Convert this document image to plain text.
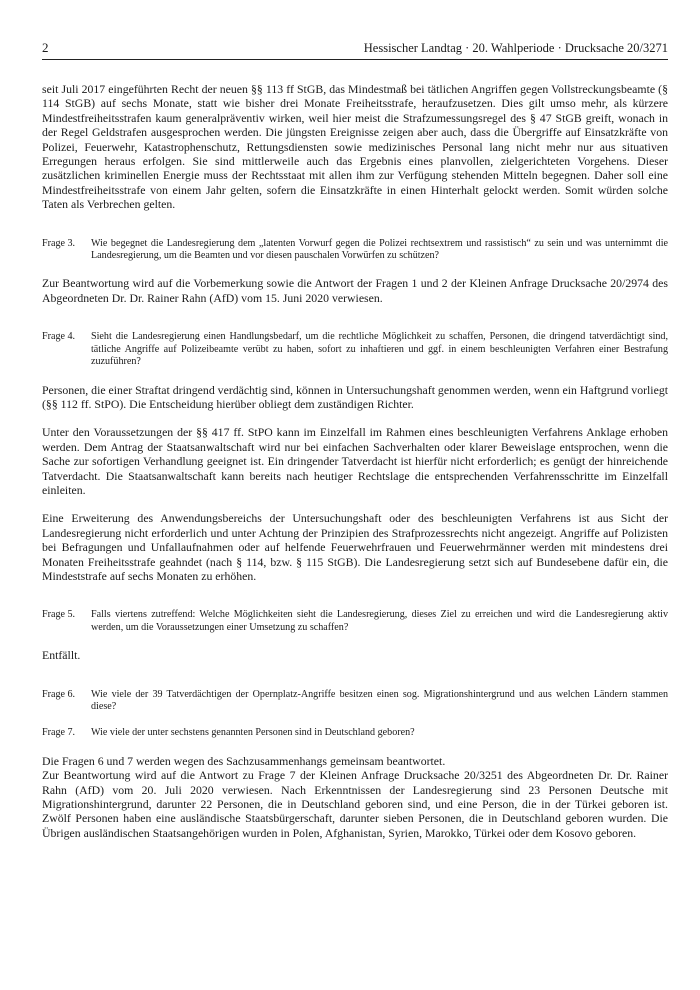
2	Hessischer Landtag · 20. Wahlperiode · Drucksache 20/3271

seit Juli 2017 eingeführten Recht der neuen §§ 113 ff StGB, das Mindestmaß bei tätlichen Angriffen gegen Vollstreckungsbeamte (§ 114 StGB) auf sechs Monate, statt wie bisher drei Monate Freiheitsstrafe, heraufzusetzen. Dies gilt umso mehr, als kürzere Mindestfreiheitsstrafen kaum generalpräventiv wirken, weil hier meist die Strafzumessungsregel des § 47 StGB greift, wonach in der Regel Geldstrafen ausgesprochen werden. Die jüngsten Ereignisse zeigen aber auch, dass die Übergriffe auf Einsatzkräfte von Polizei, Feuerwehr, Katastrophenschutz, Rettungsdiensten sowie medizinisches Personal lang nicht mehr nur aus situativen Erregungen heraus erfolgen. Sie sind mittlerweile auch das Ergebnis eines planvollen, zielgerichteten Vorgehens. Dieser zusätzlichen kriminellen Energie muss der Rechtsstaat mit allen ihm zur Verfügung stehenden Mitteln begegnen. Daher soll eine Mindestfreiheitsstrafe von einem Jahr gelten, sofern die Einsatzkräfte in einen Hinterhalt gelockt werden. Somit würden solche Taten als Verbrechen gelten.

Frage 3.	Wie begegnet die Landesregierung dem „latenten Vorwurf gegen die Polizei rechtsextrem und rassistisch“ zu sein und was unternimmt die Landesregierung, um die Beamten und vor diesen pauschalen Vorwürfen zu schützen?

Zur Beantwortung wird auf die Vorbemerkung sowie die Antwort der Fragen 1 und 2 der Kleinen Anfrage Drucksache 20/2974 des Abgeordneten Dr. Dr. Rainer Rahn (AfD) vom 15. Juni 2020 verwiesen.

Frage 4.	Sieht die Landesregierung einen Handlungsbedarf, um die rechtliche Möglichkeit zu schaffen, Personen, die dringend tatverdächtigt sind, tätliche Angriffe auf Polizeibeamte verübt zu haben, sofort zu inhaftieren und ggf. in einem beschleunigten Verfahren einer Bestrafung zuzuführen?

Personen, die einer Straftat dringend verdächtig sind, können in Untersuchungshaft genommen werden, wenn ein Haftgrund vorliegt (§§ 112 ff. StPO). Die Entscheidung hierüber obliegt dem zuständigen Richter.

Unter den Voraussetzungen der §§ 417 ff. StPO kann im Einzelfall im Rahmen eines beschleunigten Verfahrens Anklage erhoben werden. Dem Antrag der Staatsanwaltschaft wird nur bei einfachen Sachverhalten oder klarer Beweislage entsprochen, wenn die Sache zur sofortigen Verhandlung geeignet ist. Ein dringender Tatverdacht ist hierfür nicht erforderlich; es genügt der hinreichende Tatverdacht. Die Staatsanwaltschaft kann bereits nach heutiger Rechtslage die entsprechenden Verfahrensschritte im Einzelfall einleiten.

Eine Erweiterung des Anwendungsbereichs der Untersuchungshaft oder des beschleunigten Verfahrens ist aus Sicht der Landesregierung nicht erforderlich und unter Achtung der Prinzipien des Strafprozessrechts nicht angezeigt. Angriffe auf Polizisten bei Befragungen und Unfallaufnahmen oder auf helfende Feuerwehrfrauen und Feuerwehrmänner werden mit mindestens drei Monaten Freiheitsstrafe geahndet (nach § 114, bzw. § 115 StGB). Die Landesregierung setzt sich auf Bundesebene dafür ein, die Mindeststrafe auf sechs Monaten zu erhöhen.

Frage 5.	Falls viertens zutreffend: Welche Möglichkeiten sieht die Landesregierung, dieses Ziel zu erreichen und wird die Landesregierung aktiv werden, um die Voraussetzungen einer Umsetzung zu schaffen?

Entfällt.

Frage 6.	Wie viele der 39 Tatverdächtigen der Opernplatz-Angriffe besitzen einen sog. Migrationshintergrund und aus welchen Ländern stammen diese?
Frage 7.	Wie viele der unter sechstens genannten Personen sind in Deutschland geboren?

Die Fragen 6 und 7 werden wegen des Sachzusammenhangs gemeinsam beantwortet.

Zur Beantwortung wird auf die Antwort zu Frage 7 der Kleinen Anfrage Drucksache 20/3251 des Abgeordneten Dr. Dr. Rainer Rahn (AfD) vom 20. Juli 2020 verwiesen. Nach Erkenntnissen der Landesregierung sind 23 Personen Deutsche mit Migrationshintergrund, darunter 22 Personen, die in Deutschland geboren sind, und eine Person, die in der Türkei geboren ist. Zwölf Personen haben eine ausländische Staatsbürgerschaft, darunter sieben Personen, die in Deutschland geboren wurden. Die Übrigen ausländischen Staatsangehörigen wurden in Polen, Afghanistan, Syrien, Marokko, Türkei oder dem Kosovo geboren.
